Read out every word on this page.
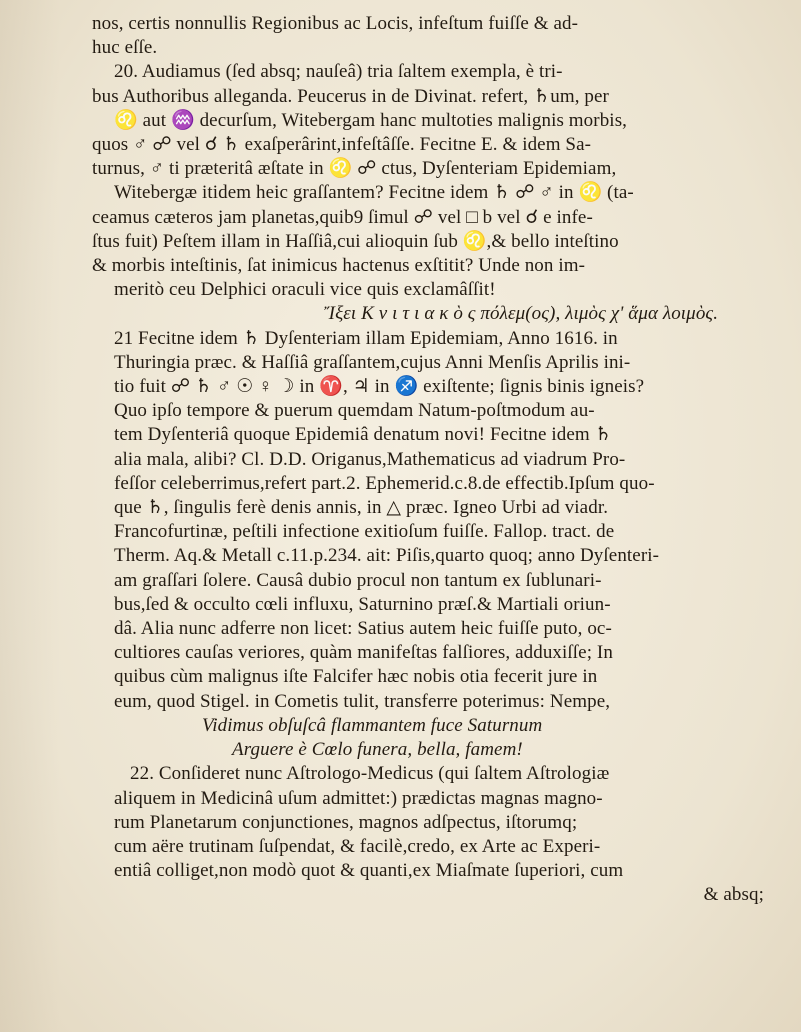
nos, certis nonnullis Regionibus ac Locis, infeſtum fuiſſe & ad-
huc eſſe.
20. Audiamus (ſed absq; nauſeâ) tria ſaltem exempla, è tri-
bus Authoribus alleganda. Peucerus in de Divinat. refert, ♄um, per
♌ aut ♒ decurſum, Witebergam hanc multoties malignis morbis,
quos ♂ ☍ vel ☌ ♄ exaſperârint,infeſtâſſe. Fecitne E. & idem Sa-
turnus, ♂ ti præteritâ æſtate in ♌ ☍ ctus, Dyſenteriam Epidemiam,
Witebergæ itidem heic graſſantem? Fecitne idem ♄ ☍ ♂ in ♌ (ta-
ceamus cæteros jam planetas,quib9 ſimul ☍ vel □ b vel ☌ e infe-
ſtus fuit) Peſtem illam in Haſſiâ,cui alioquin ſub ♌,& bello inteſtino
& morbis inteſtinis, ſat inimicus hactenus exſtitit? Unde non im-
meritò ceu Delphici oraculi vice quis exclamâſſit!
Ἴξει Κ ν ι τ ι α κ ὸ ς πόλεμ(ος), λιμὸς χ' ἅμα λοιμὸς.
21 Fecitne idem ♄ Dyſenteriam illam Epidemiam, Anno 1616. in
Thuringia præc. & Haſſiâ graſſantem,cujus Anni Menſis Aprilis ini-
tio fuit ☍ ♄ ♂ ☉ ♀ ☽ in ♈, ♃ in ♐ exiſtente; ſignis binis igneis?
Quo ipſo tempore & puerum quemdam Natum-poſtmodum au-
tem Dyſenteriâ quoque Epidemiâ denatum novi! Fecitne idem ♄
alia mala, alibi? Cl. D.D. Origanus,Mathematicus ad viadrum Pro-
feſſor celeberrimus,refert part.2. Ephemerid.c.8.de effectib.Ipſum quo-
que ♄, ſingulis ferè denis annis, in △ præc. Igneo Urbi ad viadr.
Francofurtinæ, peſtili infectione exitioſum fuiſſe. Fallop. tract. de
Therm. Aq.& Metall c.11.p.234. ait: Piſis,quarto quoq; anno Dyſenteri-
am graſſari ſolere. Causâ dubio procul non tantum ex ſublunari-
bus,ſed & occulto cœli influxu, Saturnino præſ.& Martiali oriun-
dâ. Alia nunc adferre non licet: Satius autem heic fuiſſe puto, oc-
cultiores cauſas veriores, quàm manifeſtas falſiores, adduxiſſe; In
quibus cùm malignus iſte Falcifer hæc nobis otia fecerit jure in
eum, quod Stigel. in Cometis tulit, transferre poterimus: Nempe,
Vidimus obſuſcâ flammantem fuce Saturnum
Arguere è Cœlo funera, bella, famem!
22. Conſideret nunc Aſtrologo-Medicus (qui ſaltem Aſtrologiæ
aliquem in Medicinâ uſum admittet:) prædictas magnas magno-
rum Planetarum conjunctiones, magnos adſpectus, iſtorumq;
cum aëre trutinam ſuſpendat, & facilè,credo, ex Arte ac Experi-
entiâ colliget,non modò quot & quanti,ex Miaſmate ſuperiori, cum
& absq;
